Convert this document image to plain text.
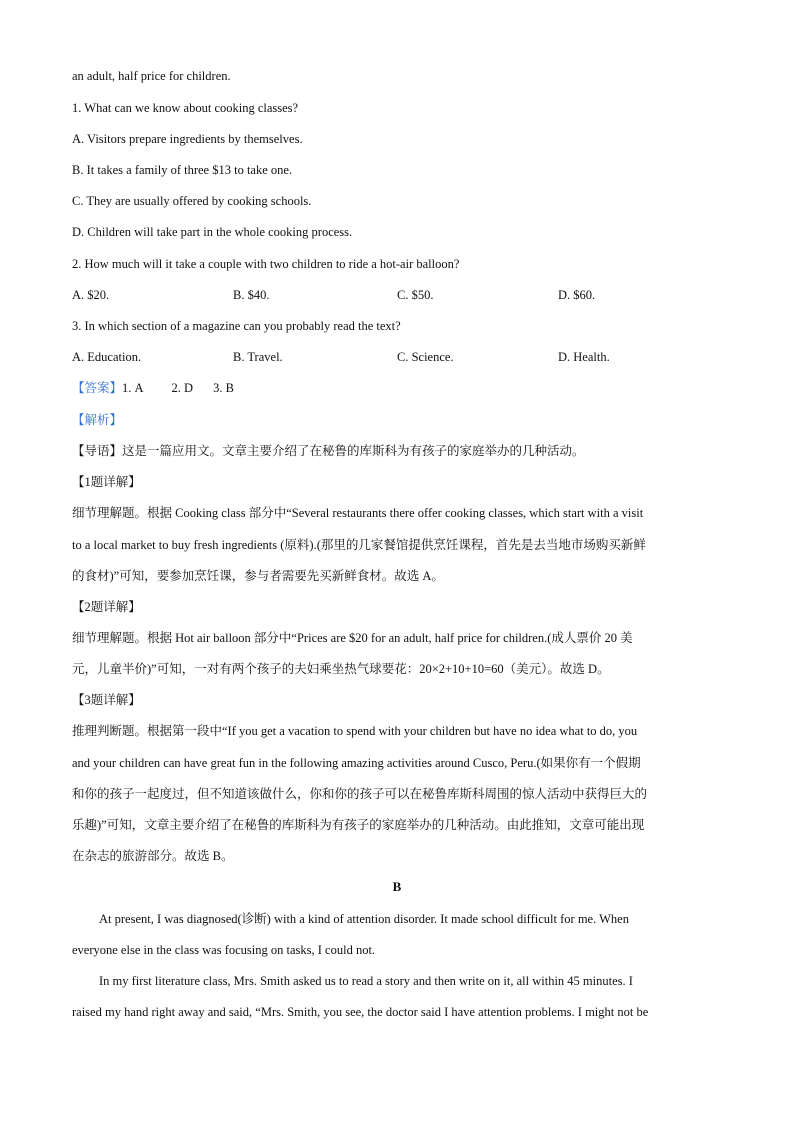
an adult, half price for children.
1. What can we know about cooking classes?
A. Visitors prepare ingredients by themselves.
B. It takes a family of three $13 to take one.
C. They are usually offered by cooking schools.
D. Children will take part in the whole cooking process.
2. How much will it take a couple with two children to ride a hot-air balloon?
A. $20.	B. $40.	C. $50.	D. $60.
3. In which section of a magazine can you probably read the text?
A. Education.	B. Travel.	C. Science.	D. Health.
【答案】1. A 2. D 3. B
【解析】
【导语】这是一篇应用文。文章主要介绍了在秘鲁的库斯科为有孩子的家庭举办的几种活动。
【1题详解】
细节理解题。根据 Cooking class 部分中“Several restaurants there offer cooking classes, which start with a visit
to a local market to buy fresh ingredients (原料).(那里的几家餐馆提供烹饪课程，首先是去当地市场购买新鲜
的食材)”可知，要参加烹饪课，参与者需要先买新鲜食材。故选 A。
【2题详解】
细节理解题。根据 Hot air balloon 部分中“Prices are $20 for an adult, half price for children.(成人票价 20 美
元，儿童半价)”可知，一对有两个孩子的夫妇乘坐热气球要花：20×2+10+10=60（美元）。故选 D。
【3题详解】
推理判断题。根据第一段中“If you get a vacation to spend with your children but have no idea what to do, you
and your children can have great fun in the following amazing activities around Cusco, Peru.(如果你有一个假期
和你的孩子一起度过，但不知道该做什么，你和你的孩子可以在秘鲁库斯科周围的惊人活动中获得巨大的
乐趣)”可知，文章主要介绍了在秘鲁的库斯科为有孩子的家庭举办的几种活动。由此推知，文章可能出现
在杂志的旅游部分。故选 B。
B
At present, I was diagnosed(诊断) with a kind of attention disorder. It made school difficult for me. When
everyone else in the class was focusing on tasks, I could not.
In my first literature class, Mrs. Smith asked us to read a story and then write on it, all within 45 minutes. I
raised my hand right away and said, “Mrs. Smith, you see, the doctor said I have attention problems. I might not be
